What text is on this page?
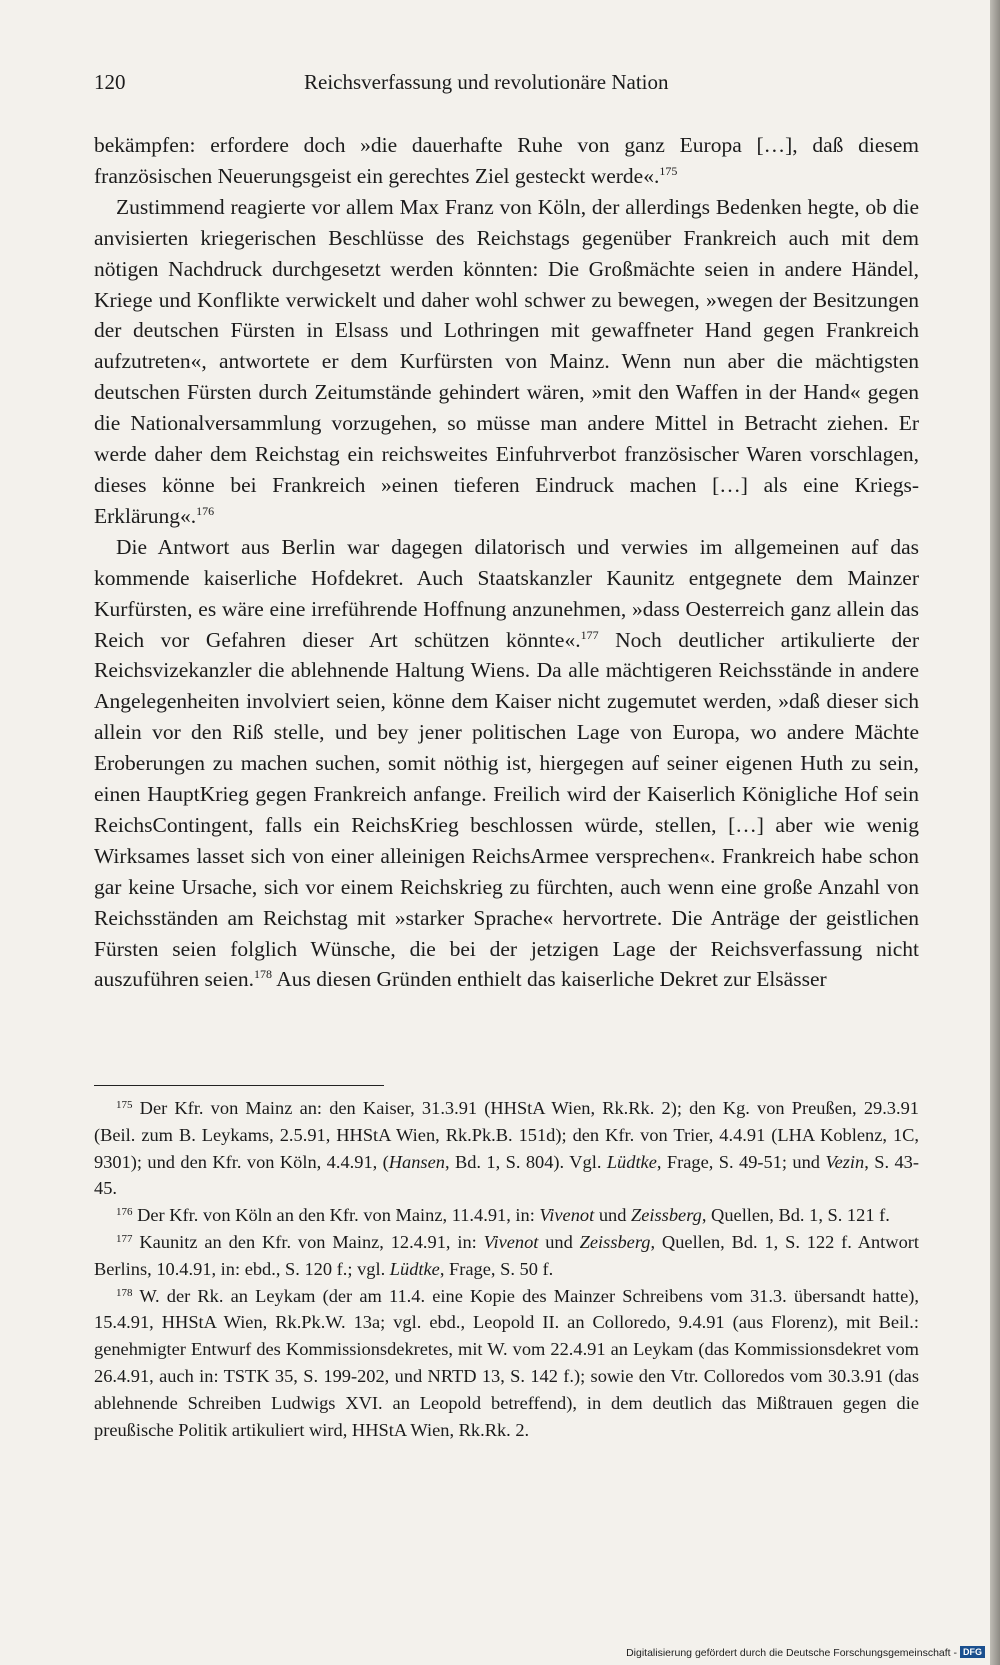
120	Reichsverfassung und revolutionäre Nation

bekämpfen: erfordere doch »die dauerhafte Ruhe von ganz Europa […], daß diesem französischen Neuerungsgeist ein gerechtes Ziel gesteckt werde«.$^{175}$

Zustimmend reagierte vor allem Max Franz von Köln, der allerdings Bedenken hegte, ob die anvisierten kriegerischen Beschlüsse des Reichstags gegenüber Frankreich auch mit dem nötigen Nachdruck durchgesetzt werden könnten: Die Großmächte seien in andere Händel, Kriege und Konflikte verwickelt und daher wohl schwer zu bewegen, »wegen der Besitzungen der deutschen Fürsten in Elsass und Lothringen mit gewaffneter Hand gegen Frankreich aufzutreten«, antwortete er dem Kurfürsten von Mainz. Wenn nun aber die mächtigsten deutschen Fürsten durch Zeitumstände gehindert wären, »mit den Waffen in der Hand« gegen die Nationalversammlung vorzugehen, so müsse man andere Mittel in Betracht ziehen. Er werde daher dem Reichstag ein reichsweites Einfuhrverbot französischer Waren vorschlagen, dieses könne bei Frankreich »einen tieferen Eindruck machen […] als eine Kriegs-Erklärung«.$^{176}$

Die Antwort aus Berlin war dagegen dilatorisch und verwies im allgemeinen auf das kommende kaiserliche Hofdekret. Auch Staatskanzler Kaunitz entgegnete dem Mainzer Kurfürsten, es wäre eine irreführende Hoffnung anzunehmen, »dass Oesterreich ganz allein das Reich vor Gefahren dieser Art schützen könnte«.$^{177}$ Noch deutlicher artikulierte der Reichsvizekanzler die ablehnende Haltung Wiens. Da alle mächtigeren Reichsstände in andere Angelegenheiten involviert seien, könne dem Kaiser nicht zugemutet werden, »daß dieser sich allein vor den Riß stelle, und bey jener politischen Lage von Europa, wo andere Mächte Eroberungen zu machen suchen, somit nöthig ist, hiergegen auf seiner eigenen Huth zu sein, einen HauptKrieg gegen Frankreich anfange. Freilich wird der Kaiserlich Königliche Hof sein ReichsContingent, falls ein ReichsKrieg beschlossen würde, stellen, […] aber wie wenig Wirksames lasset sich von einer alleinigen ReichsArmee versprechen«. Frankreich habe schon gar keine Ursache, sich vor einem Reichskrieg zu fürchten, auch wenn eine große Anzahl von Reichsständen am Reichstag mit »starker Sprache« hervortrete. Die Anträge der geistlichen Fürsten seien folglich Wünsche, die bei der jetzigen Lage der Reichsverfassung nicht auszuführen seien.$^{178}$ Aus diesen Gründen enthielt das kaiserliche Dekret zur Elsässer

$^{175}$ Der Kfr. von Mainz an: den Kaiser, 31.3.91 (HHStA Wien, Rk.Rk. 2); den Kg. von Preußen, 29.3.91 (Beil. zum B. Leykams, 2.5.91, HHStA Wien, Rk.Pk.B. 151d); den Kfr. von Trier, 4.4.91 (LHA Koblenz, 1C, 9301); und den Kfr. von Köln, 4.4.91, (Hansen, Bd. 1, S. 804). Vgl. Lüdtke, Frage, S. 49-51; und Vezin, S. 43-45.

$^{176}$ Der Kfr. von Köln an den Kfr. von Mainz, 11.4.91, in: Vivenot und Zeissberg, Quellen, Bd. 1, S. 121 f.

$^{177}$ Kaunitz an den Kfr. von Mainz, 12.4.91, in: Vivenot und Zeissberg, Quellen, Bd. 1, S. 122 f. Antwort Berlins, 10.4.91, in: ebd., S. 120 f.; vgl. Lüdtke, Frage, S. 50 f.

$^{178}$ W. der Rk. an Leykam (der am 11.4. eine Kopie des Mainzer Schreibens vom 31.3. übersandt hatte), 15.4.91, HHStA Wien, Rk.Pk.W. 13a; vgl. ebd., Leopold II. an Colloredo, 9.4.91 (aus Florenz), mit Beil.: genehmigter Entwurf des Kommissionsdekretes, mit W. vom 22.4.91 an Leykam (das Kommissionsdekret vom 26.4.91, auch in: TSTK 35, S. 199-202, und NRTD 13, S. 142 f.); sowie den Vtr. Colloredos vom 30.3.91 (das ablehnende Schreiben Ludwigs XVI. an Leopold betreffend), in dem deutlich das Mißtrauen gegen die preußische Politik artikuliert wird, HHStA Wien, Rk.Rk. 2.

Digitalisierung gefördert durch die Deutsche Forschungsgemeinschaft - DFG
